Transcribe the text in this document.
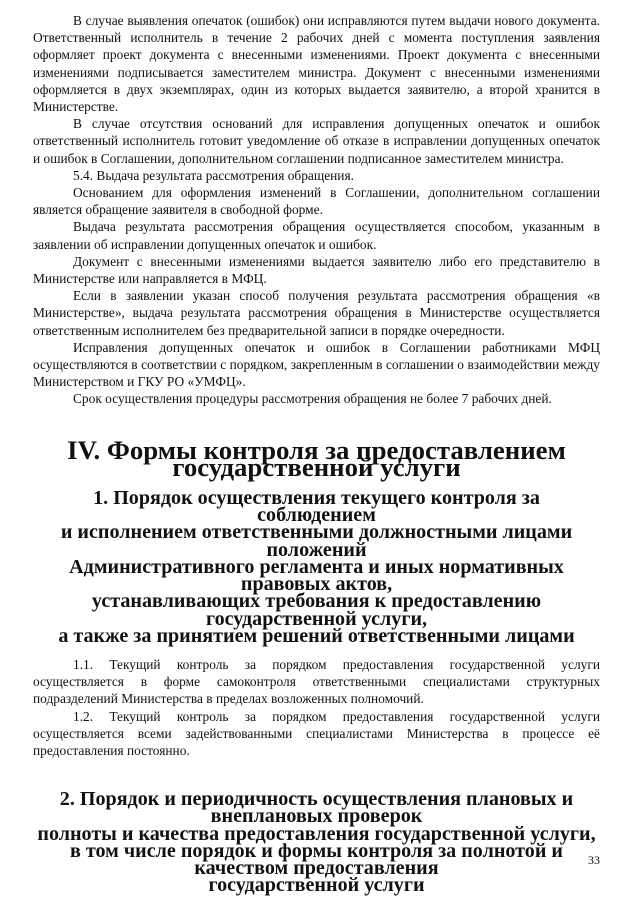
В случае выявления опечаток (ошибок) они исправляются путем выдачи нового документа. Ответственный исполнитель в течение 2 рабочих дней с момента поступления заявления оформляет проект документа с внесенными изменениями. Проект документа с внесенными изменениями подписывается заместителем министра. Документ с внесенными изменениями оформляется в двух экземплярах, один из которых выдается заявителю, а второй хранится в Министерстве.

В случае отсутствия оснований для исправления допущенных опечаток и ошибок ответственный исполнитель готовит уведомление об отказе в исправлении допущенных опечаток и ошибок в Соглашении, дополнительном соглашении подписанное заместителем министра.

5.4. Выдача результата рассмотрения обращения.

Основанием для оформления изменений в Соглашении, дополнительном соглашении является обращение заявителя в свободной форме.

Выдача результата рассмотрения обращения осуществляется способом, указанным в заявлении об исправлении допущенных опечаток и ошибок.

Документ с внесенными изменениями выдается заявителю либо его представителю в Министерстве или направляется в МФЦ.

Если в заявлении указан способ получения результата рассмотрения обращения «в Министерстве», выдача результата рассмотрения обращения в Министерстве осуществляется ответственным исполнителем без предварительной записи в порядке очередности.

Исправления допущенных опечаток и ошибок в Соглашении работниками МФЦ осуществляются в соответствии с порядком, закрепленным в соглашении о взаимодействии между Министерством и ГКУ РО «УМФЦ».

Срок осуществления процедуры рассмотрения обращения не более 7 рабочих дней.

IV. Формы контроля за предоставлением государственной услуги
1. Порядок осуществления текущего контроля за соблюдением
и исполнением ответственными должностными лицами положений
Административного регламента и иных нормативных правовых актов,
устанавливающих требования к предоставлению государственной услуги,
а также за принятием решений ответственными лицами

1.1. Текущий контроль за порядком предоставления государственной услуги осуществляется в форме самоконтроля ответственными специалистами структурных подразделений Министерства в пределах возложенных полномочий.

1.2. Текущий контроль за порядком предоставления государственной услуги осуществляется всеми задействованными специалистами Министерства в процессе её предоставления постоянно.

2. Порядок и периодичность осуществления плановых и внеплановых проверок
полноты и качества предоставления государственной услуги,
в том числе порядок и формы контроля за полнотой и качеством предоставления
государственной услуги
33
